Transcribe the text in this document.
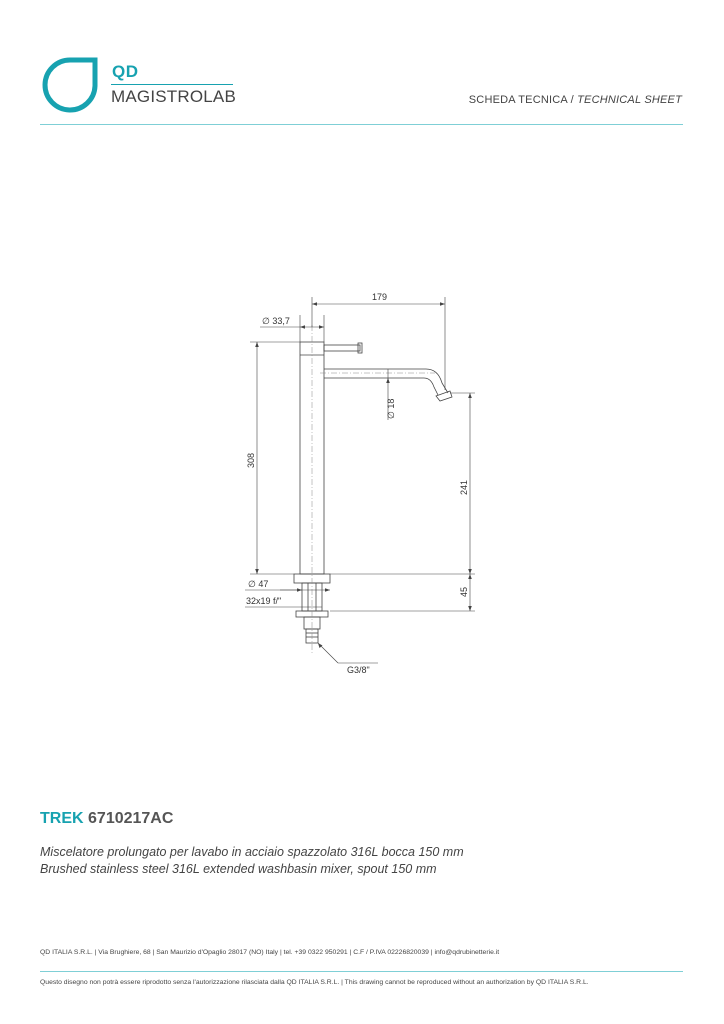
QD
MAGISTROLAB	SCHEDA TECNICA / TECHNICAL SHEET
179
∅ 33,7
∅ 18
308
241
∅ 47
32x19 f/"
45
G3/8"
TREK 6710217AC
Miscelatore prolungato per lavabo in acciaio spazzolato 316L bocca 150 mm
Brushed stainless steel 316L extended washbasin mixer, spout 150 mm
QD ITALIA S.R.L. | Via Brughiere, 68 | San Maurizio d'Opaglio 28017 (NO) Italy | tel. +39 0322 950291 | C.F / P.IVA 02226820039 | info@qdrubinetterie.it
Questo disegno non potrà essere riprodotto senza l'autorizzazione rilasciata dalla QD ITALIA S.R.L. | This drawing cannot be reproduced without an authorization by QD ITALIA S.R.L.
